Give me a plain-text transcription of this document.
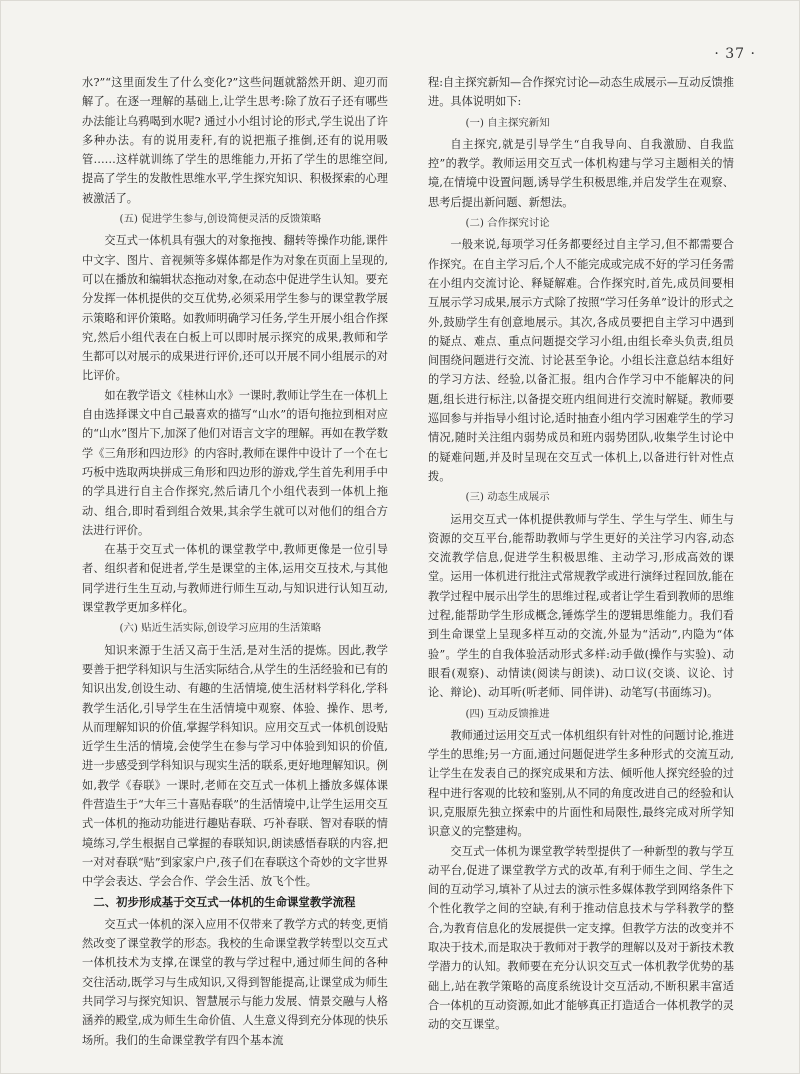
· 37 ·

水?”“这里面发生了什么变化?”这些问题就豁然开朗、迎刃而解了。在逐一理解的基础上,让学生思考:除了放石子还有哪些办法能让乌鸦喝到水呢? 通过小小组讨论的形式,学生说出了许多种办法。有的说用麦秆,有的说把瓶子推倒,还有的说用吸管……这样就训练了学生的思维能力,开拓了学生的思维空间,提高了学生的发散性思维水平,学生探究知识、积极探索的心理被激活了。

(五) 促进学生参与,创设简便灵活的反馈策略

交互式一体机具有强大的对象拖拽、翻转等操作功能,课件中文字、图片、音视频等多媒体都是作为对象在页面上呈现的,可以在播放和编辑状态拖动对象,在动态中促进学生认知。要充分发挥一体机提供的交互优势,必须采用学生参与的课堂教学展示策略和评价策略。如教师明确学习任务,学生开展小组合作探究,然后小组代表在白板上可以即时展示探究的成果,教师和学生都可以对展示的成果进行评价,还可以开展不同小组展示的对比评价。

如在教学语文《桂林山水》一课时,教师让学生在一体机上自由选择课文中自己最喜欢的描写“山水”的语句拖拉到相对应的“山水”图片下,加深了他们对语言文字的理解。再如在教学数学《三角形和四边形》的内容时,教师在课件中设计了一个在七巧板中选取两块拼成三角形和四边形的游戏,学生首先利用手中的学具进行自主合作探究,然后请几个小组代表到一体机上拖动、组合,即时看到组合效果,其余学生就可以对他们的组合方法进行评价。

在基于交互式一体机的课堂教学中,教师更像是一位引导者、组织者和促进者,学生是课堂的主体,运用交互技术,与其他同学进行生生互动,与教师进行师生互动,与知识进行认知互动,课堂教学更加多样化。

(六) 贴近生活实际,创设学习应用的生活策略

知识来源于生活又高于生活,是对生活的提炼。因此,教学要善于把学科知识与生活实际结合,从学生的生活经验和已有的知识出发,创设生动、有趣的生活情境,使生活材料学科化,学科教学生活化,引导学生在生活情境中观察、体验、操作、思考,从而理解知识的价值,掌握学科知识。应用交互式一体机创设贴近学生生活的情境,会使学生在参与学习中体验到知识的价值,进一步感受到学科知识与现实生活的联系,更好地理解知识。例如,教学《春联》一课时,老师在交互式一体机上播放多媒体课件营造生于“大年三十喜贴春联”的生活情境中,让学生运用交互式一体机的拖动功能进行趣贴春联、巧补春联、智对春联的情境练习,学生根据自己掌握的春联知识,朗读感悟春联的内容,把一对对春联“贴”到家家户户,孩子们在春联这个奇妙的文字世界中学会表达、学会合作、学会生活、放飞个性。

二、初步形成基于交互式一体机的生命课堂教学流程

交互式一体机的深入应用不仅带来了教学方式的转变,更悄然改变了课堂教学的形态。我校的生命课堂教学转型以交互式一体机技术为支撑,在课堂的教与学过程中,通过师生间的各种交往活动,既学习与生成知识,又得到智能提高,让课堂成为师生共同学习与探究知识、智慧展示与能力发展、情景交融与人格涵养的殿堂,成为师生生命价值、人生意义得到充分体现的快乐场所。我们的生命课堂教学有四个基本流

程:自主探究新知—合作探究讨论—动态生成展示—互动反馈推进。具体说明如下:

(一) 自主探究新知

自主探究,就是引导学生“自我导向、自我激励、自我监控”的教学。教师运用交互式一体机构建与学习主题相关的情境,在情境中设置问题,诱导学生积极思维,并启发学生在观察、思考后提出新问题、新想法。

(二) 合作探究讨论

一般来说,每项学习任务都要经过自主学习,但不都需要合作探究。在自主学习后,个人不能完成或完成不好的学习任务需在小组内交流讨论、释疑解难。合作探究时,首先,成员间要相互展示学习成果,展示方式除了按照“学习任务单”设计的形式之外,鼓励学生有创意地展示。其次,各成员要把自主学习中遇到的疑点、难点、重点问题提交学习小组,由组长牵头负责,组员间围绕问题进行交流、讨论甚至争论。小组长注意总结本组好的学习方法、经验,以备汇报。组内合作学习中不能解决的问题,组长进行标注,以备提交班内组间进行交流时解疑。教师要巡回参与并指导小组讨论,适时抽查小组内学习困难学生的学习情况,随时关注组内弱势成员和班内弱势团队,收集学生讨论中的疑难问题,并及时呈现在交互式一体机上,以备进行针对性点拨。

(三) 动态生成展示

运用交互式一体机提供教师与学生、学生与学生、师生与资源的交互平台,能帮助教师与学生更好的关注学习内容,动态交流教学信息,促进学生积极思维、主动学习,形成高效的课堂。运用一体机进行批注式常规教学或进行演绎过程回放,能在教学过程中展示出学生的思维过程,或者让学生看到教师的思维过程,能帮助学生形成概念,锤炼学生的逻辑思维能力。我们看到生命课堂上呈现多样互动的交流,外显为“活动”,内隐为“体验”。学生的自我体验活动形式多样:动手做(操作与实验)、动眼看(观察)、动情读(阅读与朗读)、动口议(交谈、议论、讨论、辩论)、动耳听(听老师、同伴讲)、动笔写(书面练习)。

(四) 互动反馈推进

教师通过运用交互式一体机组织有针对性的问题讨论,推进学生的思维;另一方面,通过问题促进学生多种形式的交流互动,让学生在发表自己的探究成果和方法、倾听他人探究经验的过程中进行客观的比较和鉴别,从不同的角度改进自己的经验和认识,克服原先独立探索中的片面性和局限性,最终完成对所学知识意义的完整建构。

交互式一体机为课堂教学转型提供了一种新型的教与学互动平台,促进了课堂教学方式的改革,有利于师生之间、学生之间的互动学习,填补了从过去的演示性多媒体教学到网络条件下个性化教学之间的空缺,有利于推动信息技术与学科教学的整合,为教育信息化的发展提供一定支撑。但教学方法的改变并不取决于技术,而是取决于教师对于教学的理解以及对于新技术教学潜力的认知。教师要在充分认识交互式一体机教学优势的基础上,站在教学策略的高度系统设计交互活动,不断积累丰富适合一体机的互动资源,如此才能够真正打造适合一体机教学的灵动的交互课堂。
